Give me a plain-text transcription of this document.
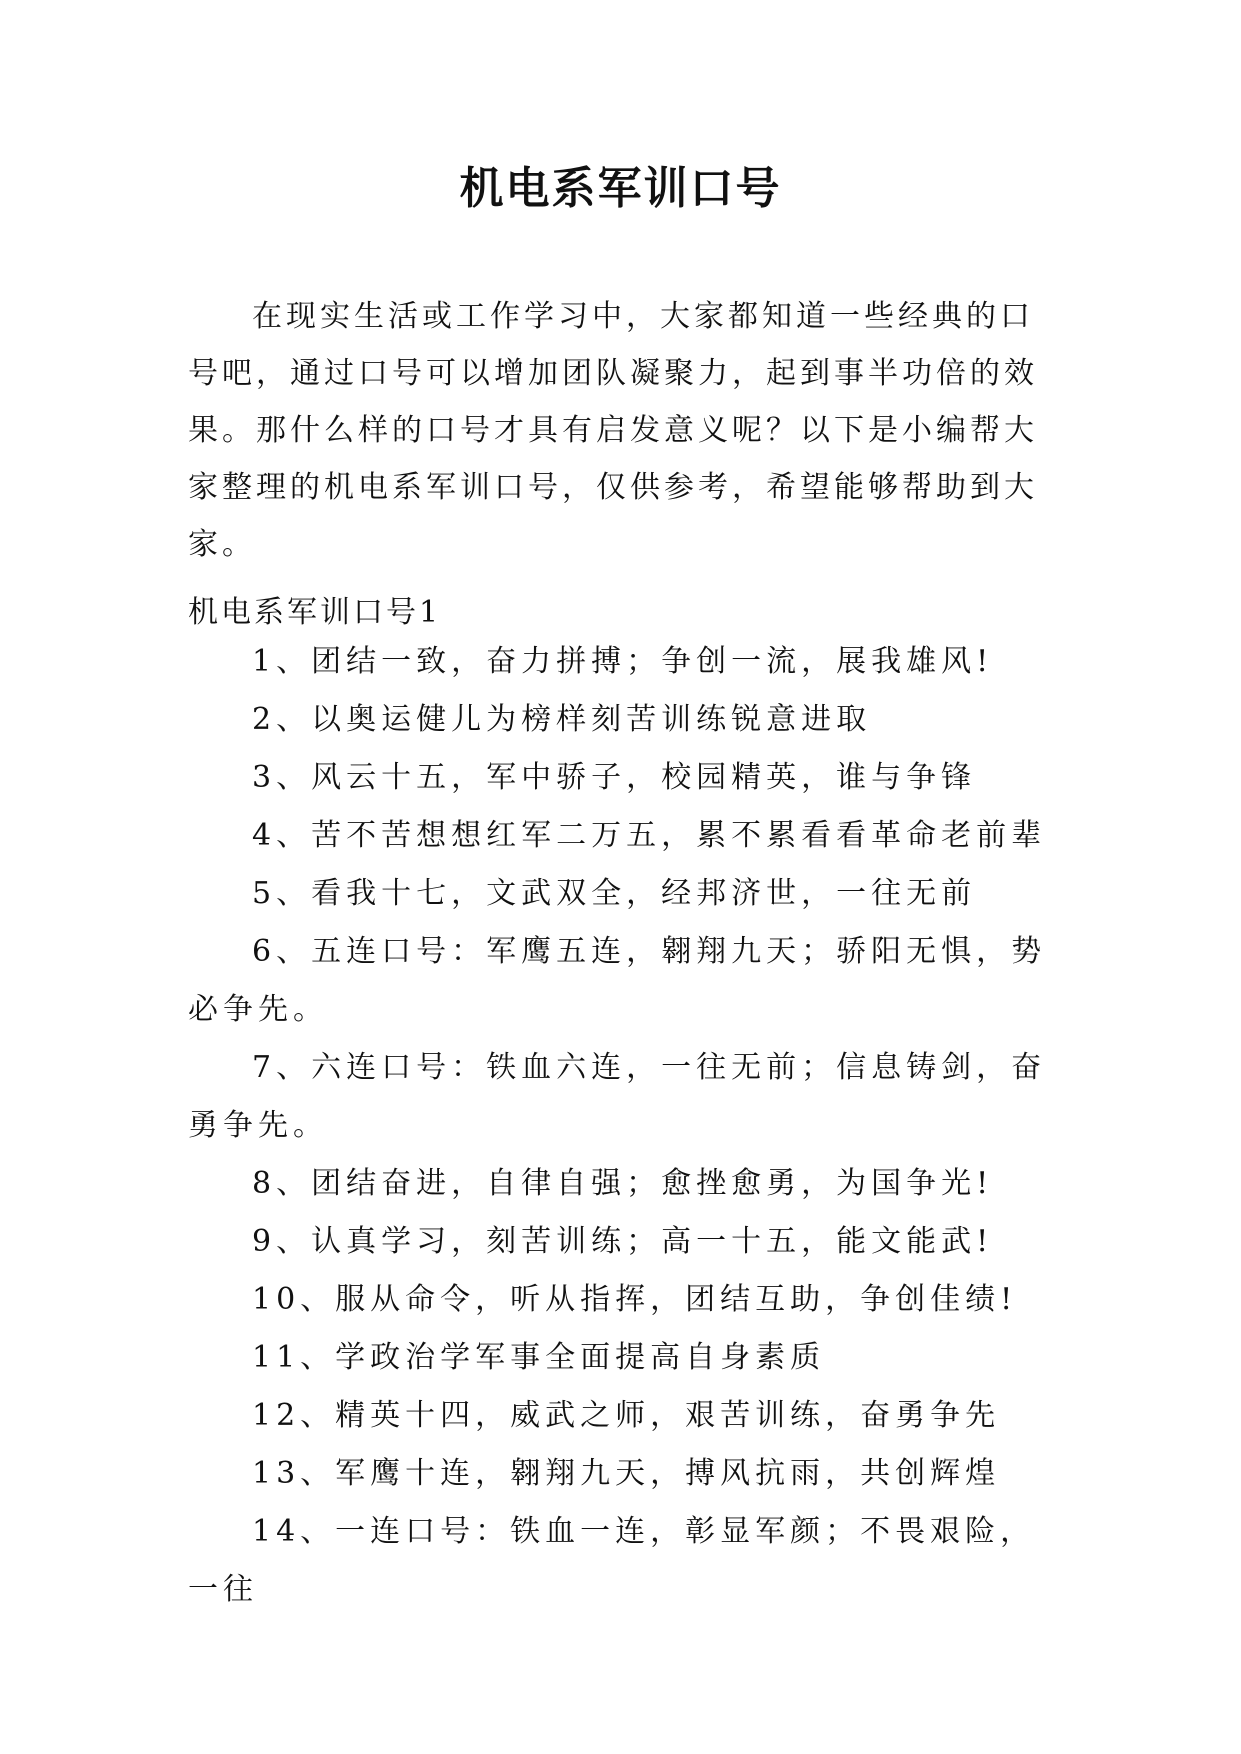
机电系军训口号

在现实生活或工作学习中，大家都知道一些经典的口号吧，通过口号可以增加团队凝聚力，起到事半功倍的效果。那什么样的口号才具有启发意义呢？以下是小编帮大家整理的机电系军训口号，仅供参考，希望能够帮助到大家。

机电系军训口号1

1、团结一致，奋力拼搏；争创一流，展我雄风!
2、以奥运健儿为榜样刻苦训练锐意进取
3、风云十五，军中骄子，校园精英，谁与争锋
4、苦不苦想想红军二万五，累不累看看革命老前辈
5、看我十七，文武双全，经邦济世，一往无前
6、五连口号：军鹰五连，翱翔九天；骄阳无惧，势必争先。
7、六连口号：铁血六连，一往无前；信息铸剑，奋勇争先。
8、团结奋进，自律自强；愈挫愈勇，为国争光!
9、认真学习，刻苦训练；高一十五，能文能武!
10、服从命令，听从指挥，团结互助，争创佳绩!
11、学政治学军事全面提高自身素质
12、精英十四，威武之师，艰苦训练，奋勇争先
13、军鹰十连，翱翔九天，搏风抗雨，共创辉煌
14、一连口号：铁血一连，彰显军颜；不畏艰险，一往
